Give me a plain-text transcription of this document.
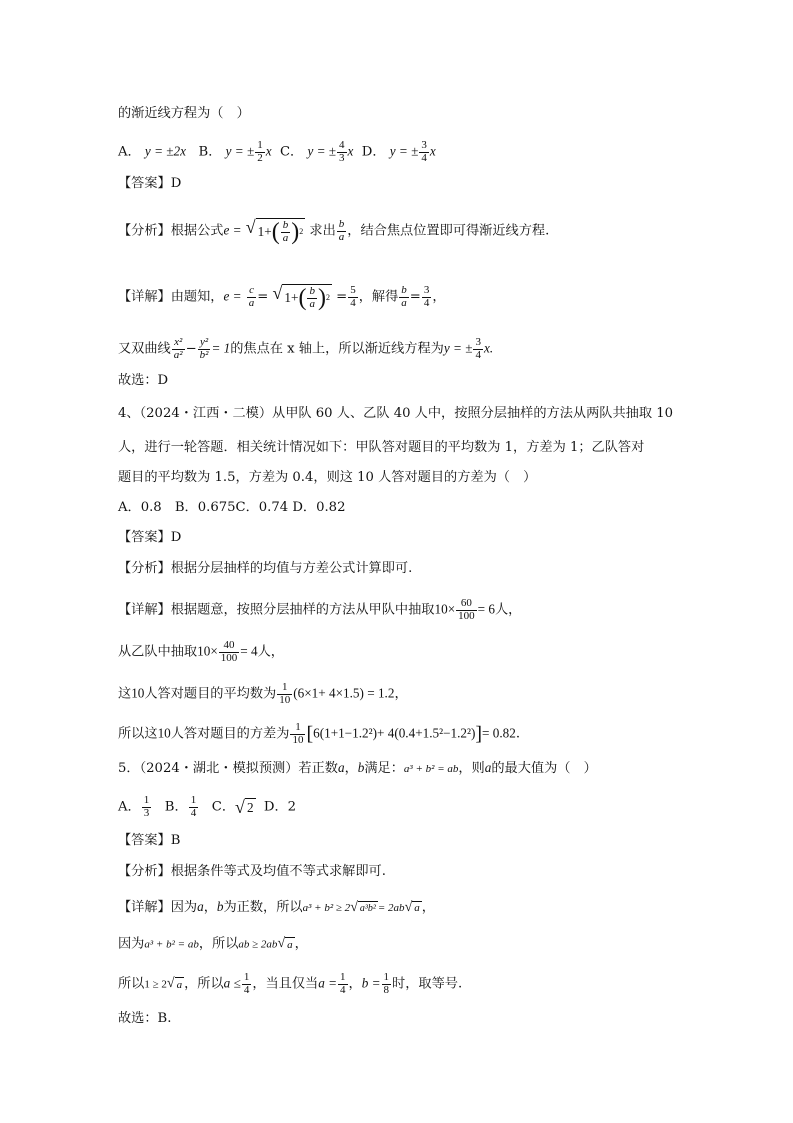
的渐近线方程为（　）
A． y = ±2x B． y = ± $\frac{1}{2}$ x C． y = ± $\frac{4}{3}$ x D． y = ± $\frac{3}{4}$ x
【答案】D
【分析】根据公式e = √ 1+ ( $\frac{b}{a}$ ) 2 求出 $\frac{b}{a}$ ，结合焦点位置即可得渐近线方程.
【详解】由题知，$e = \frac{c}{a}$ = √ 1+ ( $\frac{b}{a}$ ) $2 = \frac{5}{4}$ ，解得 $\frac{b}{a} = \frac{3}{4}$ ，
又双曲线 $\frac{\text{x²}}{\text{a²}} - \frac{\text{y²}}{\text{b²}} = 1$的焦点在 x 轴上，所以渐近线方程为y = ± $\frac{3}{4} x$.
故选：D
4、（2024・江西・二模）从甲队 60 人、乙队 40 人中，按照分层抽样的方法从两队共抽取 10
人，进行一轮答题．相关统计情况如下：甲队答对题目的平均数为 1，方差为 1；乙队答对
题目的平均数为 1.5，方差为 0.4，则这 10 人答对题目的方差为（　）
A．0.8　B．0.675C．0.74 D．0.82
【答案】D
【分析】根据分层抽样的均值与方差公式计算即可.
【详解】根据题意，按照分层抽样的方法从甲队中抽取$10\times \frac{60}{100} = 6$人，
从乙队中抽取$10\times \frac{40}{100} = 4$人，
这10人答对题目的平均数为 $\frac{1}{10} (6\times 1+ 4\times 1.5) = 1.2$，
所以这10人答对题目的方差为 $\frac{1}{10} [6(1+1-1.2^2)+ 4(0.4+1.5^2-1.2^2)]= 0.82$.
5．（2024・湖北・模拟预测）若正数a，b满足：a³ + b² = ab，则a的最大值为（　）
A． $\frac{1}{3}$ B． $\frac{1}{4}$ C． √ 2 D．2
【答案】B
【分析】根据条件等式及均值不等式求解即可.
【详解】因为a，b为正数，所以a³ + b² ≥ 2 √ a³b² = 2ab √ a ，
因为a³ + b² = ab，所以ab ≥ 2ab √ a ，
所以1 ≥ 2 √ a ，所以$a \le \frac{1}{4}$ ，当且仅当$a = \frac{1}{4}$ ，$b = \frac{1}{8}$ 时，取等号.
故选：B.
